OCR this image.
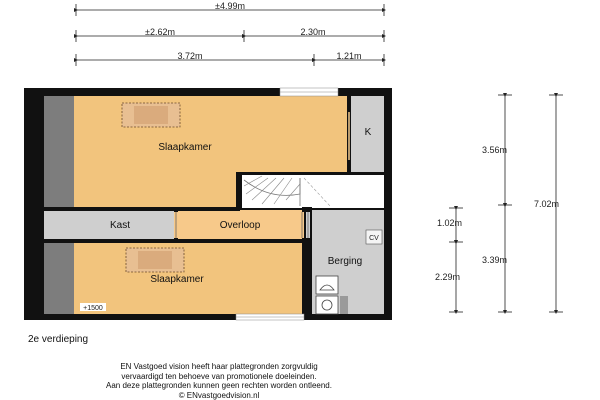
±4.99m
±2.62m	2.30m
3.72m	1.21m
3.56m
3.39m
7.02m
1.02m
2.29m
CV
+1500
Slaapkamer
Kast	Overloop
Slaapkamer
Berging
K
2e verdieping
EN Vastgoed vision heeft haar plattegronden zorgvuldig
vervaardigd ten behoeve van promotionele doeleinden.
Aan deze plattegronden kunnen geen rechten worden ontleend.
© ENvastgoedvision.nl
